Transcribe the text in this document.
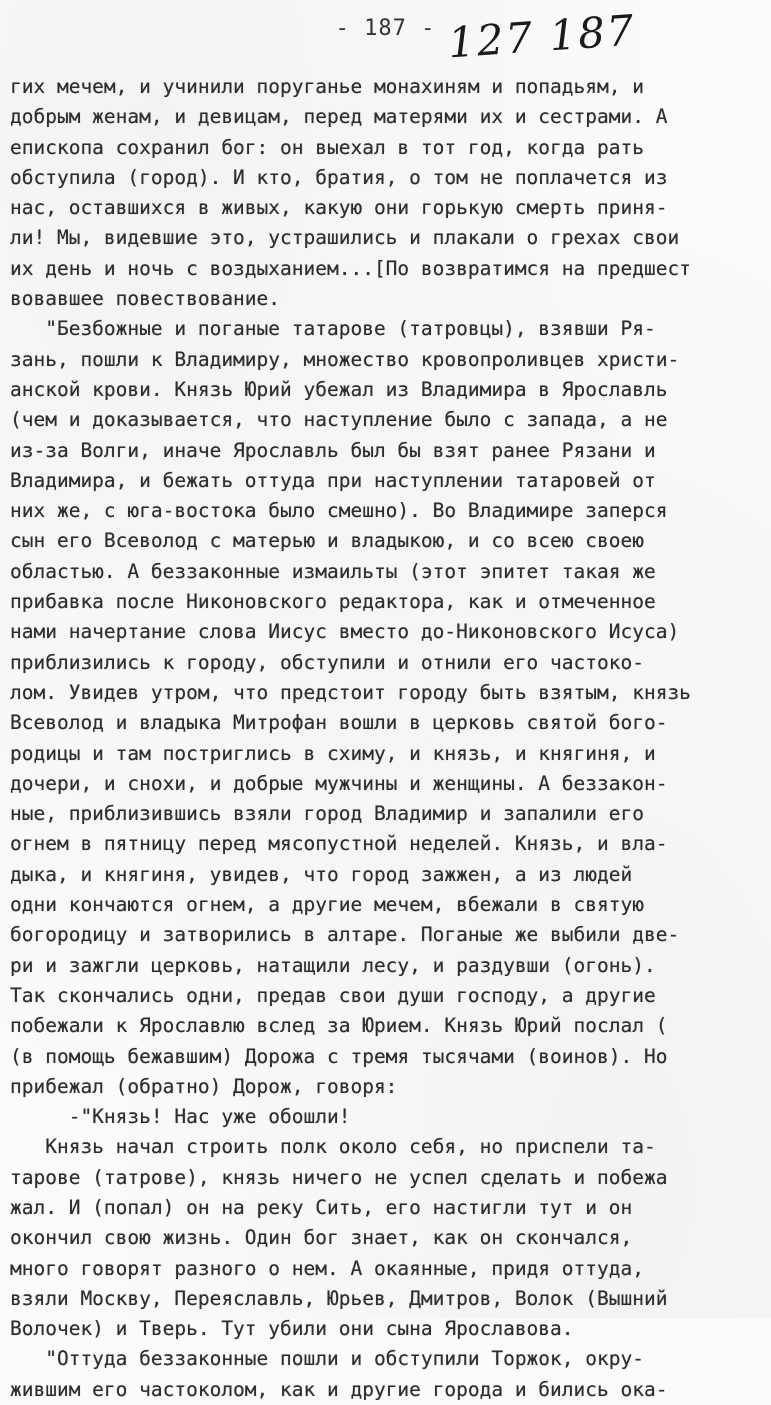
- 187 - 127 187
гих мечем, и учинили поруганье монахиням и попадьям, и
добрым женам, и девицам, перед матерями их и сестрами. А
епископа сохранил бог: он выехал в тот год, когда рать
обступила (город). И кто, братия, о том не поплачется из
нас, оставшихся в живых, какую они горькую смерть приня-
ли! Мы, видевшие это, устрашились и плакали о грехах свои
их день и ночь с воздыханием...[По возвратимся на предшест
вовавшее повествование.
"Безбожные и поганые татарове (татровцы), взявши Ря-
зань, пошли к Владимиру, множество кровопроливцев христи-
анской крови. Князь Юрий убежал из Владимира в Ярославль
(чем и доказывается, что наступление было с запада, а не
из-за Волги, иначе Ярославль был бы взят ранее Рязани и
Владимира, и бежать оттуда при наступлении татаровей от
них же, с юга-востока было смешно). Во Владимире заперся
сын его Всеволод с матерью и владыкою, и со всею своею
областью. А беззаконные измаильты (этот эпитет такая же
прибавка после Никоновского редактора, как и отмеченное
нами начертание слова Иисус вместо до-Никоновского Исуса)
приблизились к городу, обступили и отнили его частоко-
лом. Увидев утром, что предстоит городу быть взятым, князь
Всеволод и владыка Митрофан вошли в церковь святой бого-
родицы и там постриглись в схиму, и князь, и княгиня, и
дочери, и снохи, и добрые мужчины и женщины. А беззакон-
ные, приблизившись взяли город Владимир и запалили его
огнем в пятницу перед мясопустной неделей. Князь, и вла-
дыка, и княгиня, увидев, что город зажжен, а из людей
одни кончаются огнем, а другие мечем, вбежали в святую
богородицу и затворились в алтаре. Поганые же выбили две-
ри и зажгли церковь, натащили лесу, и раздувши (огонь).
Так скончались одни, предав свои души господу, а другие
побежали к Ярославлю вслед за Юрием. Князь Юрий послал (
(в помощь бежавшим) Дорожа с тремя тысячами (воинов). Но
прибежал (обратно) Дорож, говоря:
-"Князь! Нас уже обошли!
Князь начал строить полк около себя, но приспели та-
тарове (татрове), князь ничего не успел сделать и побежа
жал. И (попал) он на реку Сить, его настигли тут и он
окончил свою жизнь. Один бог знает, как он скончался,
много говорят разного о нем. А окаянные, придя оттуда,
взяли Москву, Переяславль, Юрьев, Дмитров, Волок (Вышний
Волочек) и Тверь. Тут убили они сына Ярославова.
"Оттуда беззаконные пошли и обступили Торжок, окру-
жившим его частоколом, как и другие города и бились ока-
